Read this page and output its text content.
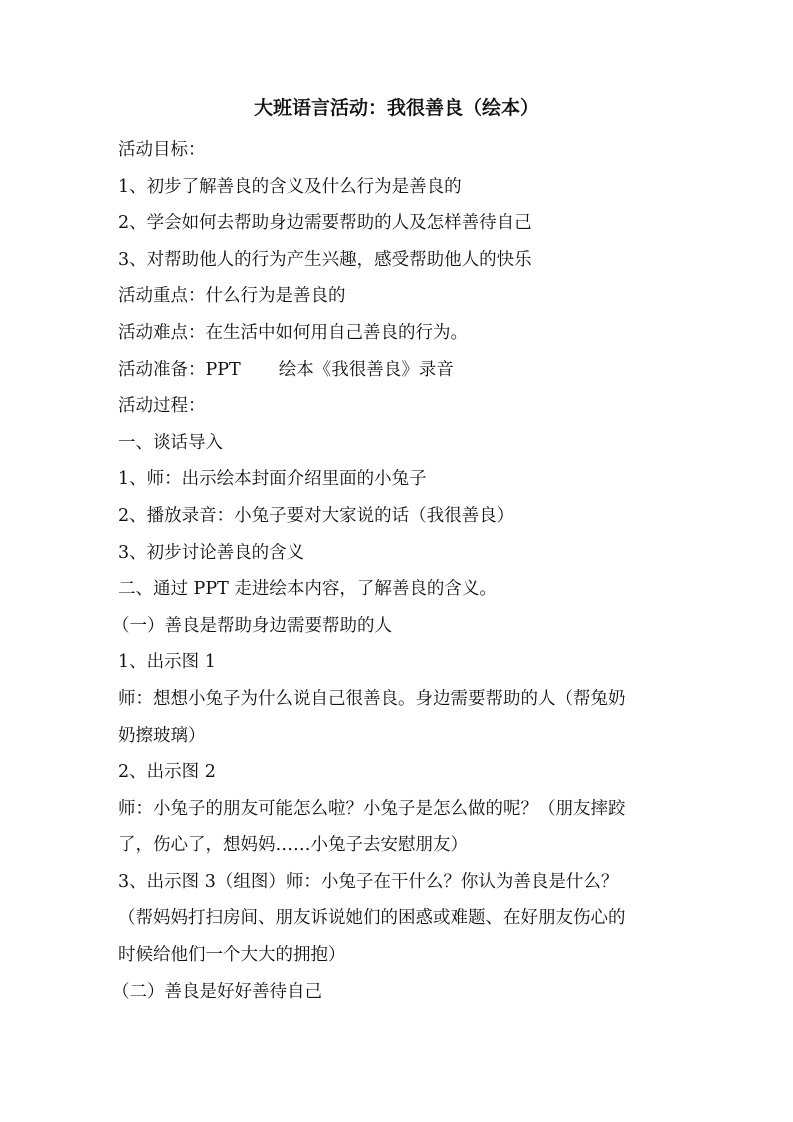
大班语言活动：我很善良（绘本）
活动目标：
1、初步了解善良的含义及什么行为是善良的
2、学会如何去帮助身边需要帮助的人及怎样善待自己
3、对帮助他人的行为产生兴趣，感受帮助他人的快乐
活动重点：什么行为是善良的
活动难点：在生活中如何用自己善良的行为。
活动准备：PPT 绘本《我很善良》录音
活动过程：
一、谈话导入
1、师：出示绘本封面介绍里面的小兔子
2、播放录音：小兔子要对大家说的话（我很善良）
3、初步讨论善良的含义
二、通过 PPT 走进绘本内容，了解善良的含义。
（一）善良是帮助身边需要帮助的人
1、出示图 1
师：想想小兔子为什么说自己很善良。身边需要帮助的人（帮兔奶
奶擦玻璃）
2、出示图 2
师：小兔子的朋友可能怎么啦？小兔子是怎么做的呢？（朋友摔跤
了，伤心了，想妈妈……小兔子去安慰朋友）
3、出示图 3（组图）师：小兔子在干什么？你认为善良是什么？
（帮妈妈打扫房间、朋友诉说她们的困惑或难题、在好朋友伤心的
时候给他们一个大大的拥抱）
（二）善良是好好善待自己
